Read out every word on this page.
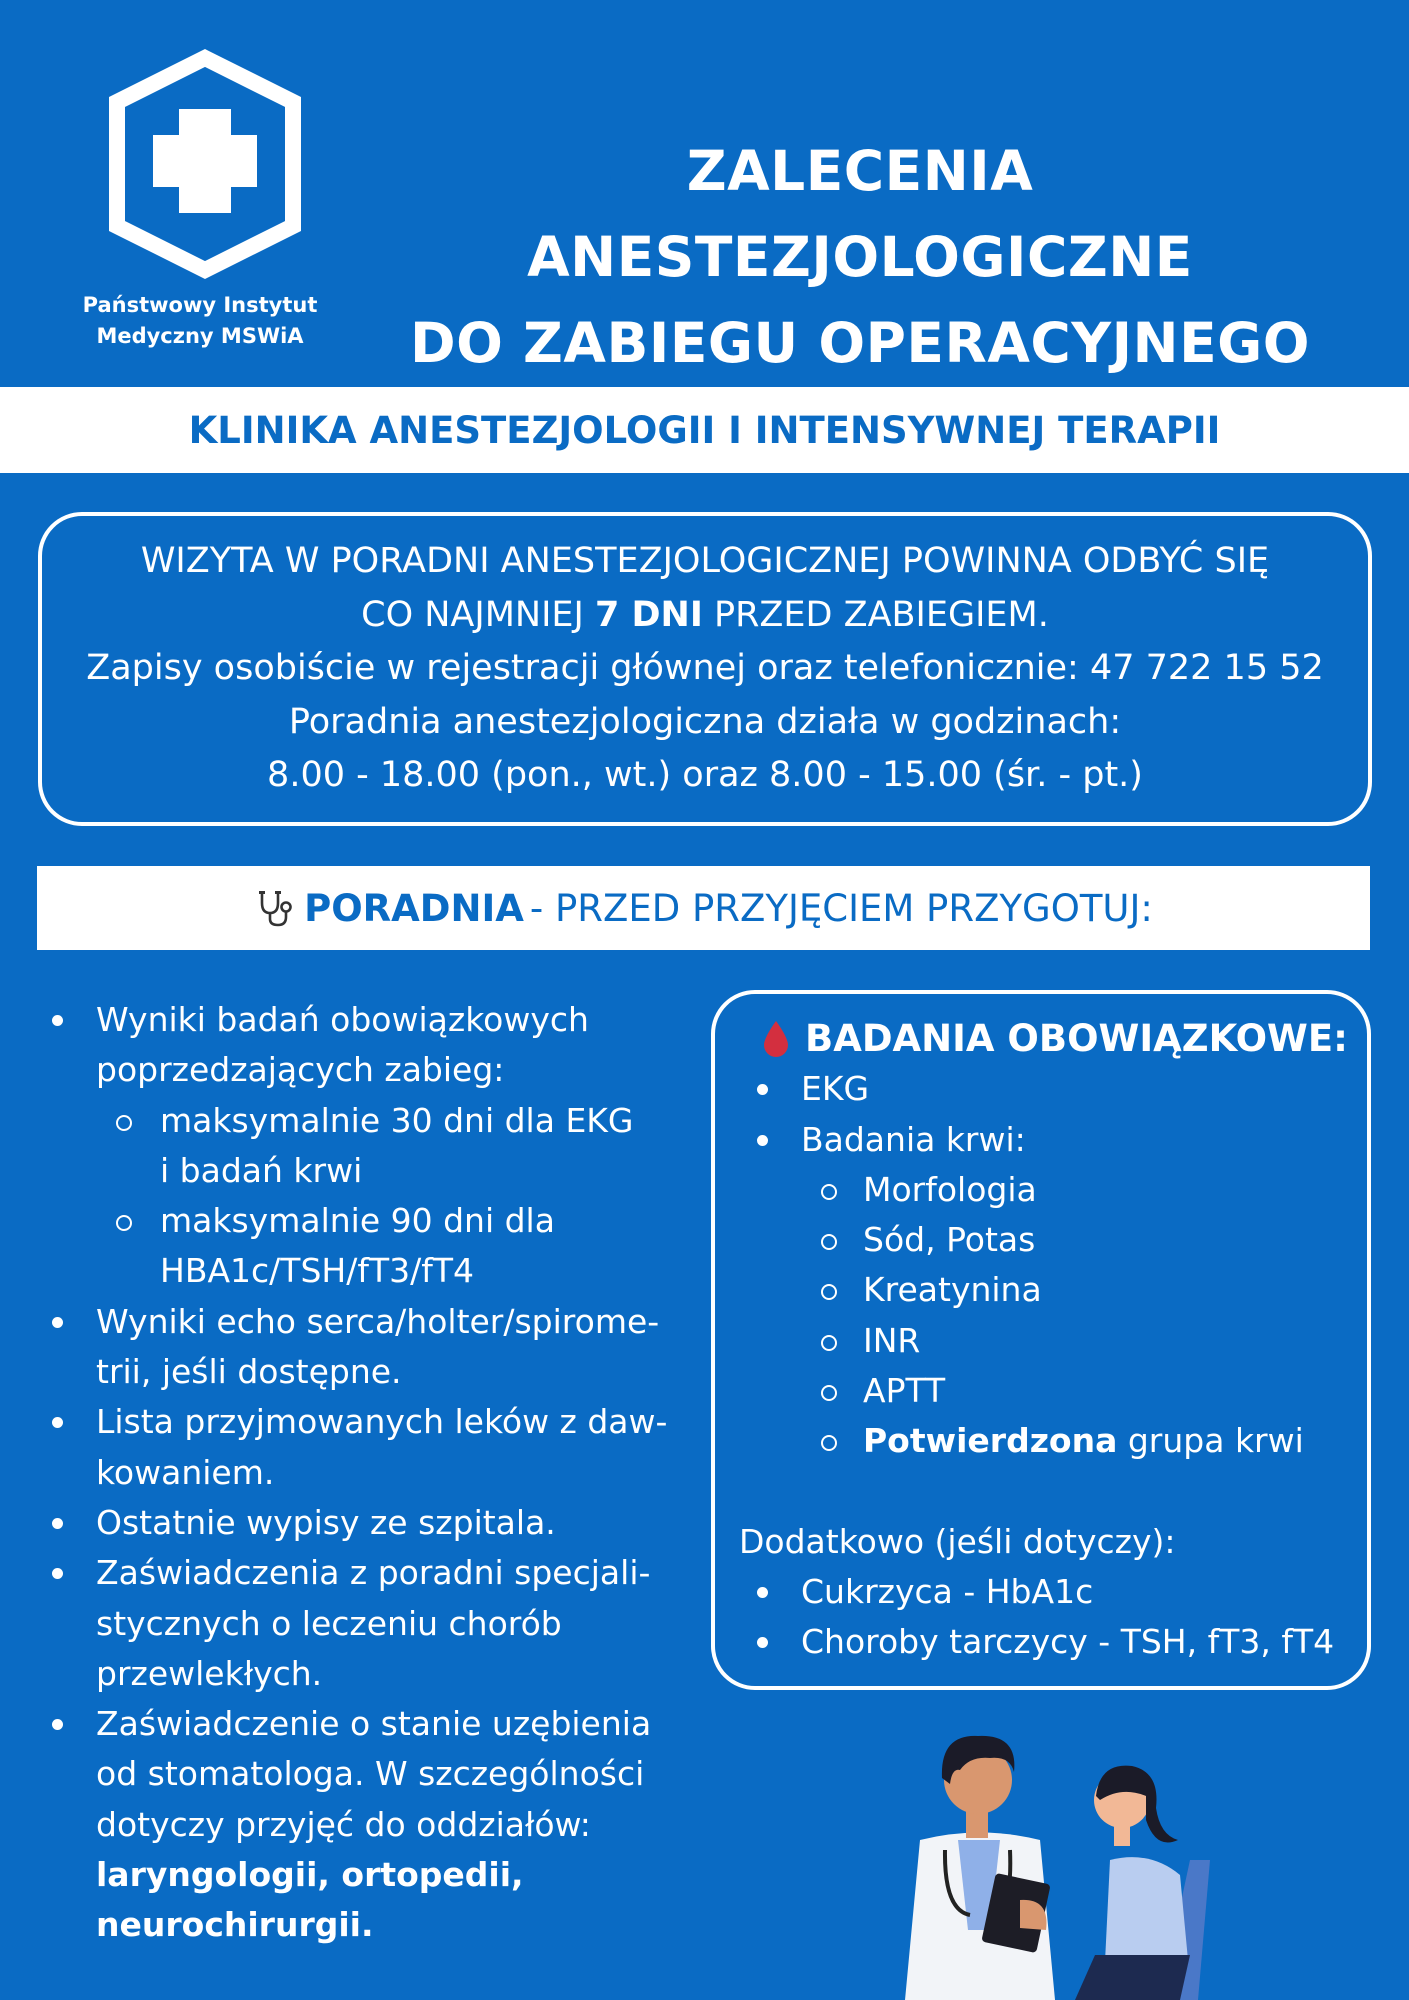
Państwowy Instytut
Medyczny MSWiA
ZALECENIA ANESTEZJOLOGICZNE
DO ZABIEGU OPERACYJNEGO
KLINIKA ANESTEZJOLOGII I INTENSYWNEJ TERAPII
WIZYTA W PORADNI ANESTEZJOLOGICZNEJ POWINNA ODBYĆ SIĘ
CO NAJMNIEJ 7 DNI PRZED ZABIEGIEM.
Zapisy osobiście w rejestracji głównej oraz telefonicznie: 47 722 15 52
Poradnia anestezjologiczna działa w godzinach:
8.00 - 18.00 (pon., wt.) oraz 8.00 - 15.00 (śr. - pt.)
PORADNIA - PRZED PRZYJĘCIEM PRZYGOTUJ:
Wyniki badań obowiązkowych
poprzedzających zabieg:
maksymalnie 30 dni dla EKG
i badań krwi
maksymalnie 90 dni dla
HBA1c/TSH/fT3/fT4
Wyniki echo serca/holter/spirome-
trii, jeśli dostępne.
Lista przyjmowanych leków z daw-
kowaniem.
Ostatnie wypisy ze szpitala.
Zaświadczenia z poradni specjali-
stycznych o leczeniu chorób
przewlekłych.
Zaświadczenie o stanie uzębienia
od stomatologa. W szczególności
dotyczy przyjęć do oddziałów:
laryngologii, ortopedii,
neurochirurgii.
BADANIA OBOWIĄZKOWE:
EKG
Badania krwi:
Morfologia
Sód, Potas
Kreatynina
INR
APTT
Potwierdzona grupa krwi
Dodatkowo (jeśli dotyczy):
Cukrzyca - HbA1c
Choroby tarczycy - TSH, fT3, fT4
